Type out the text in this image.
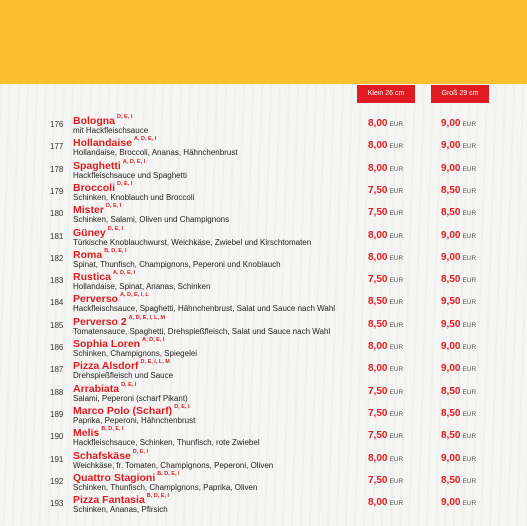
Klein 26 cm	Groß 29 cm
176 Bologna $^{D, E, I}$
mit Hackfleischsauce
8,00 EUR	9,00 EUR
177 Hollandaise $^{A, D, E, I}$
Hollandaise, Broccoli, Ananas, Hähnchenbrust
8,00 EUR	9,00 EUR
178 Spaghetti $^{A, D, E, I}$
Hackfleischsauce und Spaghetti
8,00 EUR	9,00 EUR
179 Broccoli $^{D, E, I}$
Schinken, Knoblauch und Broccoli
7,50 EUR	8,50 EUR
180 Mister $^{D, E, I}$
Schinken, Salami, Oliven und Champignons
7,50 EUR	8,50 EUR
181 Güney $^{D, E, I}$
Türkische Knoblauchwurst, Weichkäse, Zwiebel und Kirschtomaten
8,00 EUR	9,00 EUR
182 Roma $^{B, D, E, I}$
Spinat, Thunfisch, Champignons, Peperoni und Knoblauch
8,00 EUR	9,00 EUR
183 Rustica $^{A, D, E, I}$
Hollandaise, Spinat, Ananas, Schinken
7,50 EUR	8,50 EUR
184 Perverso $^{A, D, E, I, L}$
Hackfleischsauce, Spaghetti, Hähnchenbrust, Salat und Sauce nach Wahl
8,50 EUR	9,50 EUR
185 Perverso 2 $^{A, D, E, I, L, M}$
Tomatensauce, Spaghetti, Drehspießfleisch, Salat und Sauce nach Wahl
8,50 EUR	9,50 EUR
186 Sophia Loren $^{A, D, E, I}$
Schinken, Champignons, Spiegelei
8,00 EUR	9,00 EUR
187 Pizza Alsdorf $^{D, E, I, L, M}$
Drehspießfleisch und Sauce
8,00 EUR	9,00 EUR
188 Arrabiata $^{D, E, I}$
Salami, Peperoni (scharf Pikant)
7,50 EUR	8,50 EUR
189 Marco Polo (Scharf) $^{D, E, I}$
Paprika, Peperoni, Hähnchenbrust
7,50 EUR	8,50 EUR
190 Melis $^{B, D, E, I}$
Hackfleischsauce, Schinken, Thunfisch, rote Zwiebel
7,50 EUR	8,50 EUR
191 Schafskäse $^{D, E, I}$
Weichkäse, fr. Tomaten, Champignons, Peperoni, Oliven
8,00 EUR	9,00 EUR
192 Quattro Stagioni $^{B, D, E, I}$
Schinken, Thunfisch, Champignons, Paprika, Oliven
7,50 EUR	8,50 EUR
193 Pizza Fantasia $^{B, D, E, I}$
Schinken, Ananas, Pfirsich
8,00 EUR	9,00 EUR
